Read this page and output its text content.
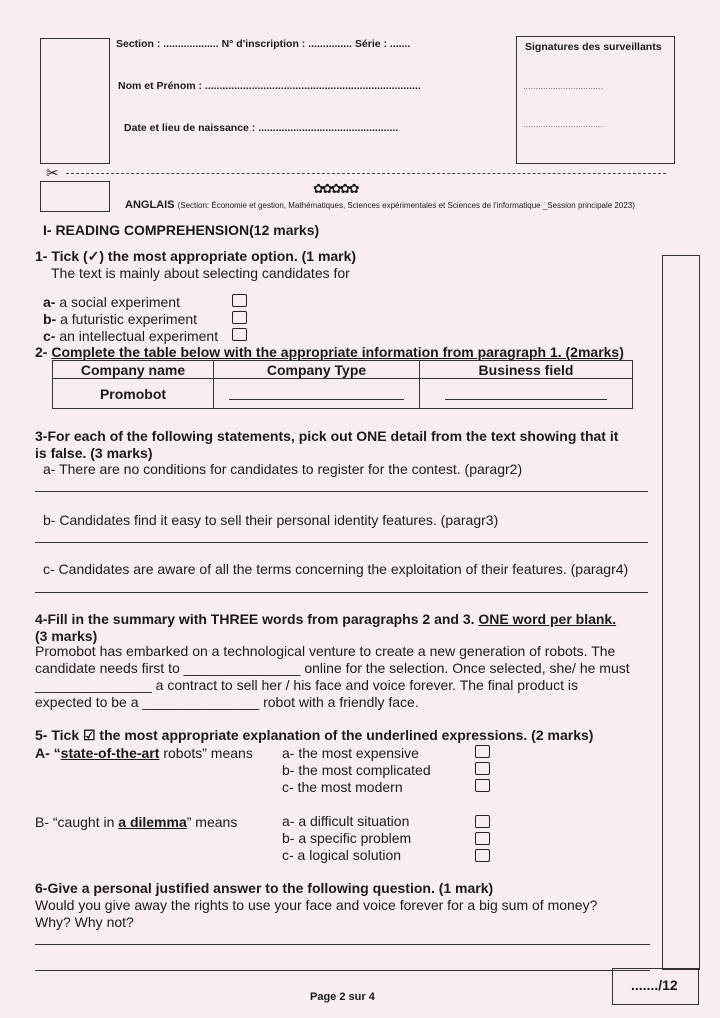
Section : ................... N° d'inscription : ............... Série : .......
Nom et Prénom : ..........................................................................
Date et lieu de naissance : ................................................
Signatures des surveillants
................................
................................
✂
✿✿✿✿✿
ANGLAIS (Section: Économie et gestion, Mathématiques, Sciences expérimentales et Sciences de l'informatique _Session principale 2023)
I- READING COMPREHENSION(12 marks)
1- Tick (✓) the most appropriate option. (1 mark)
The text is mainly about selecting candidates for
a- a social experiment
b- a futuristic experiment
c- an intellectual experiment
2- Complete the table below with the appropriate information from paragraph 1. (2marks)
Company name	Company Type	Business field
Promobot	

3-For each of the following statements, pick out ONE detail from the text showing that it
is false. (3 marks)
a- There are no conditions for candidates to register for the contest. (paragr2)
b- Candidates find it easy to sell their personal identity features. (paragr3)
c- Candidates are aware of all the terms concerning the exploitation of their features. (paragr4)
4-Fill in the summary with THREE words from paragraphs 2 and 3. ONE word per blank.
(3 marks)
Promobot has embarked on a technological venture to create a new generation of robots. The
candidate needs first to _______________ online for the selection. Once selected, she/ he must
_______________ a contract to sell her / his face and voice forever. The final product is
expected to be a _______________ robot with a friendly face.
5- Tick ☑ the most appropriate explanation of the underlined expressions. (2 marks)
A- “state-of-the-art robots” means a- the most expensive
b- the most complicated
c- the most modern
B- “caught in a dilemma” means	a- a difficult situation
b- a specific problem
c- a logical solution
6-Give a personal justified answer to the following question. (1 mark)
Would you give away the rights to use your face and voice forever for a big sum of money?
Why? Why not?
......./12
Page 2 sur 4
